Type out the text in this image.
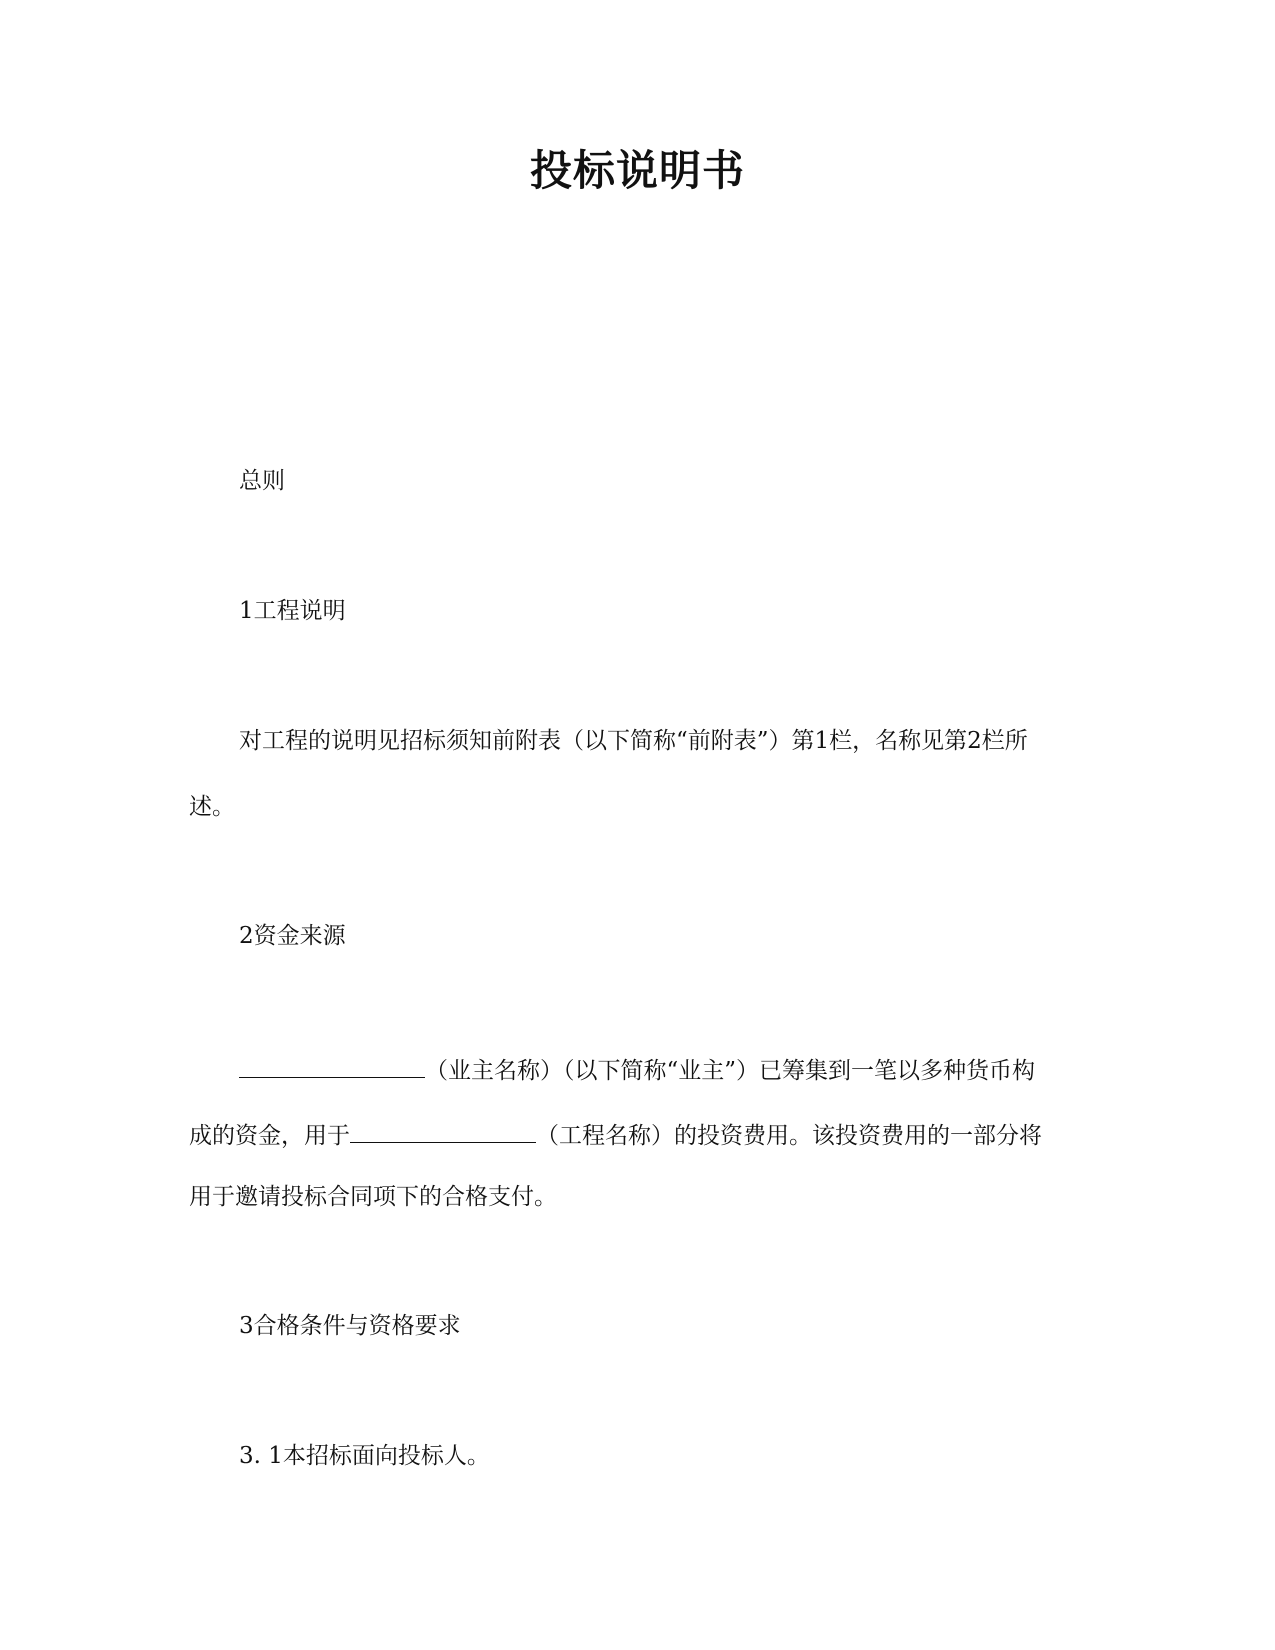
投标说明书
总则
1工程说明
对工程的说明见招标须知前附表（以下简称“前附表”）第1栏，名称见第2栏所
述。
2资金来源
（业主名称）（以下简称“业主”）已筹集到一笔以多种货币构
成的资金，用于	（工程名称）的投资费用。该投资费用的一部分将
用于邀请投标合同项下的合格支付。
3合格条件与资格要求
3. 1本招标面向投标人。
